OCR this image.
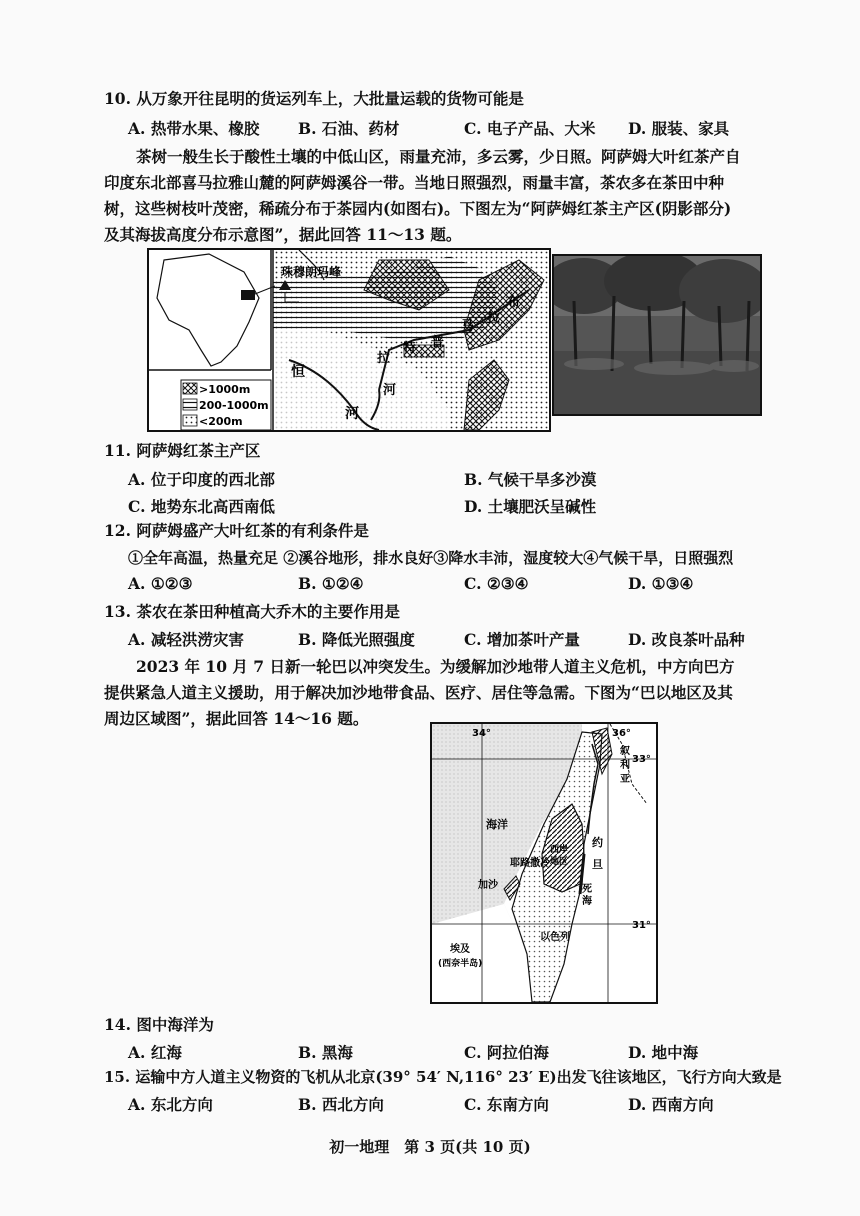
10. 从万象开往昆明的货运列车上，大批量运载的货物可能是
A. 热带水果、橡胶 B. 石油、药材	C. 电子产品、大米 D. 服装、家具
茶树一般生长于酸性土壤的中低山区，雨量充沛，多云雾，少日照。阿萨姆大叶红茶产自印度东北部喜马拉雅山麓的阿萨姆溪谷一带。当地日照强烈，雨量丰富，茶农多在茶田中种树，这些树枝叶茂密，稀疏分布于茶园内(如图右)。下图左为“阿萨姆红茶主产区(阴影部分)及其海拔高度分布示意图”，据此回答 11～13 题。
珠穆朗玛峰
恒
河
布
拉
马
普
特
拉
河
>1000m
200-1000m
<200m
11. 阿萨姆红茶主产区
A. 位于印度的西北部	B. 气候干旱多沙漠
C. 地势东北高西南低	D. 土壤肥沃呈碱性
12. 阿萨姆盛产大叶红茶的有利条件是
①全年高温，热量充足 ②溪谷地形，排水良好③降水丰沛，湿度较大④气候干旱，日照强烈
A. ①②③	B. ①②④	C. ②③④	D. ①③④
13. 茶农在茶田种植高大乔木的主要作用是
A. 减轻洪涝灾害	B. 降低光照强度	C. 增加茶叶产量	D. 改良茶叶品种
2023 年 10 月 7 日新一轮巴以冲突发生。为缓解加沙地带人道主义危机，中方向巴方提供紧急人道主义援助，用于解决加沙地带食品、医疗、居住等急需。下图为“巴以地区及其周边区域图”，据此回答 14～16 题。
34°	36°
33°
31°
海洋
西岸
地区
耶路撒冷
加沙
约
旦
死
海
以色列
埃及
(西奈半岛)
叙
利
亚
14. 图中海洋为
A. 红海	B. 黑海	C. 阿拉伯海	D. 地中海
15. 运输中方人道主义物资的飞机从北京(39° 54′ N,116° 23′ E)出发飞往该地区，飞行方向大致是
A. 东北方向	B. 西北方向	C. 东南方向	D. 西南方向
初一地理　第 3 页(共 10 页)
